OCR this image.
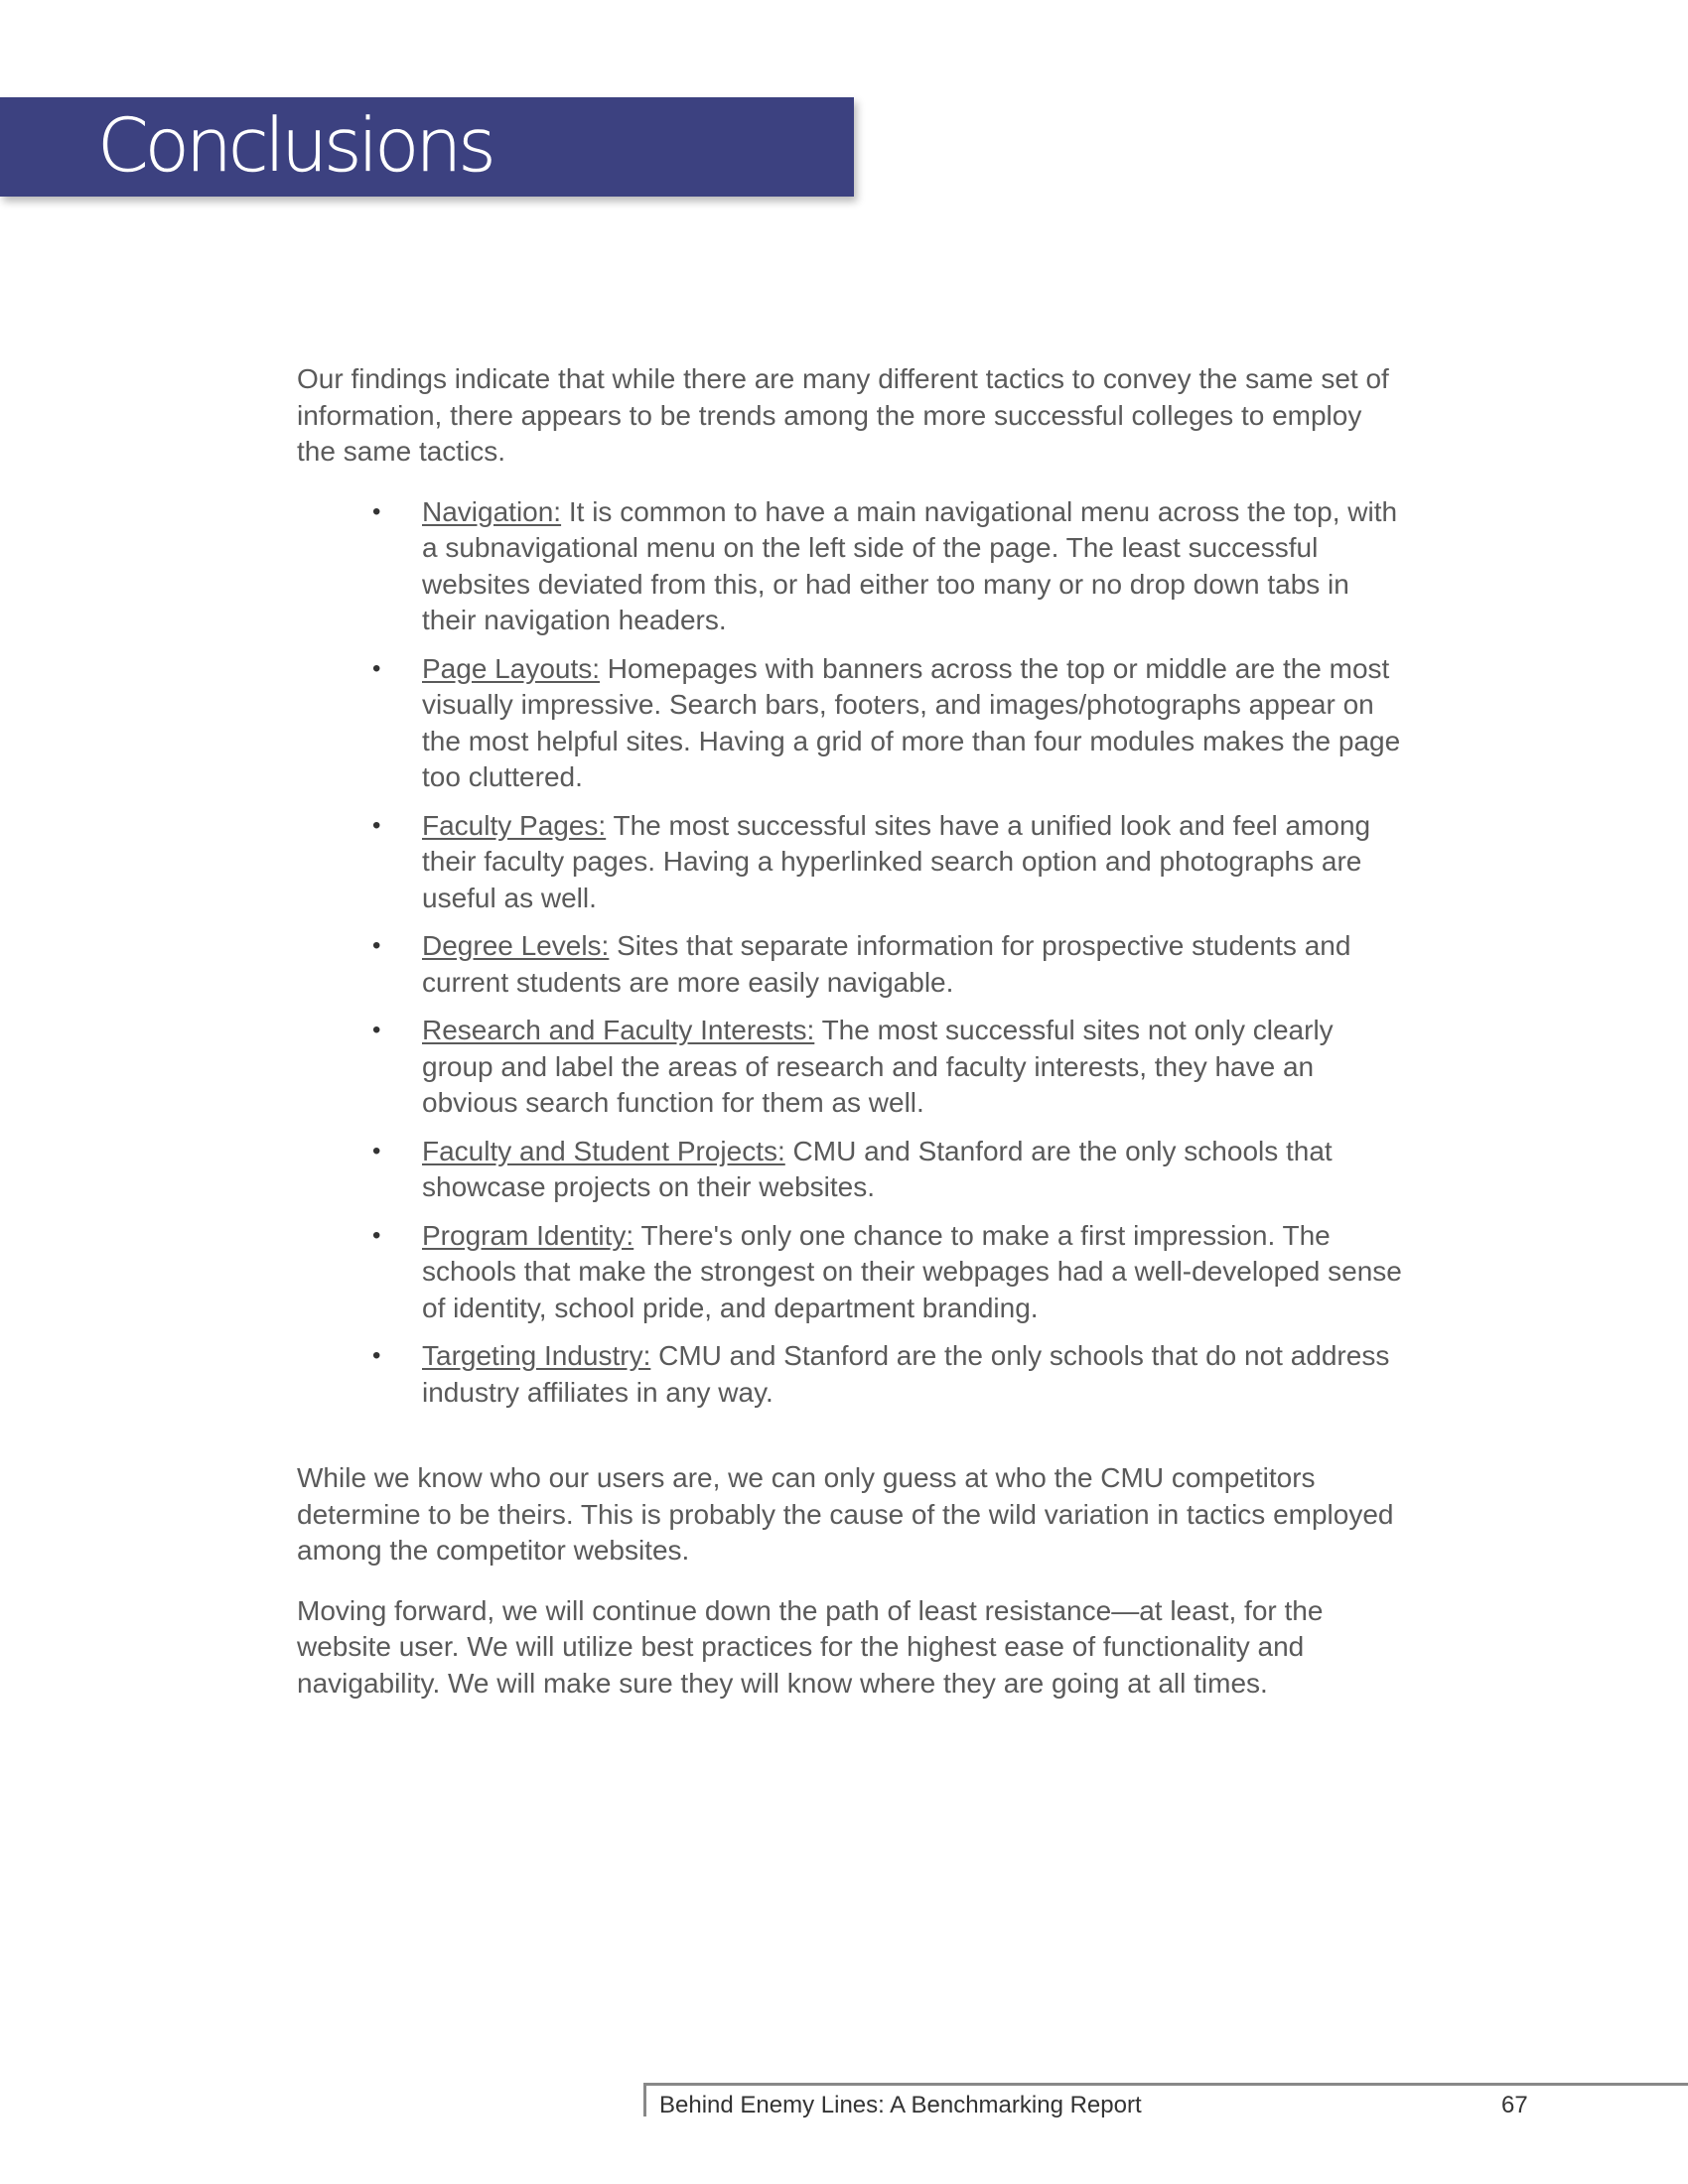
Conclusions

Our findings indicate that while there are many different tactics to convey the same set of information, there appears to be trends among the more successful colleges to employ the same tactics.

• Navigation: It is common to have a main navigational menu across the top, with a subnavigational menu on the left side of the page. The least successful websites deviated from this, or had either too many or no drop down tabs in their navigation headers.
• Page Layouts: Homepages with banners across the top or middle are the most visually impressive. Search bars, footers, and images/photographs appear on the most helpful sites. Having a grid of more than four modules makes the page too cluttered.
• Faculty Pages: The most successful sites have a unified look and feel among their faculty pages. Having a hyperlinked search option and photographs are useful as well.
• Degree Levels: Sites that separate information for prospective students and current students are more easily navigable.
• Research and Faculty Interests: The most successful sites not only clearly group and label the areas of research and faculty interests, they have an obvious search function for them as well.
• Faculty and Student Projects: CMU and Stanford are the only schools that showcase projects on their websites.
• Program Identity: There's only one chance to make a first impression. The schools that make the strongest on their webpages had a well-developed sense of identity, school pride, and department branding.
• Targeting Industry: CMU and Stanford are the only schools that do not address industry affiliates in any way.

While we know who our users are, we can only guess at who the CMU competitors determine to be theirs. This is probably the cause of the wild variation in tactics employed among the competitor websites.

Moving forward, we will continue down the path of least resistance—at least, for the website user. We will utilize best practices for the highest ease of functionality and navigability. We will make sure they will know where they are going at all times.

Behind Enemy Lines: A Benchmarking Report	67
